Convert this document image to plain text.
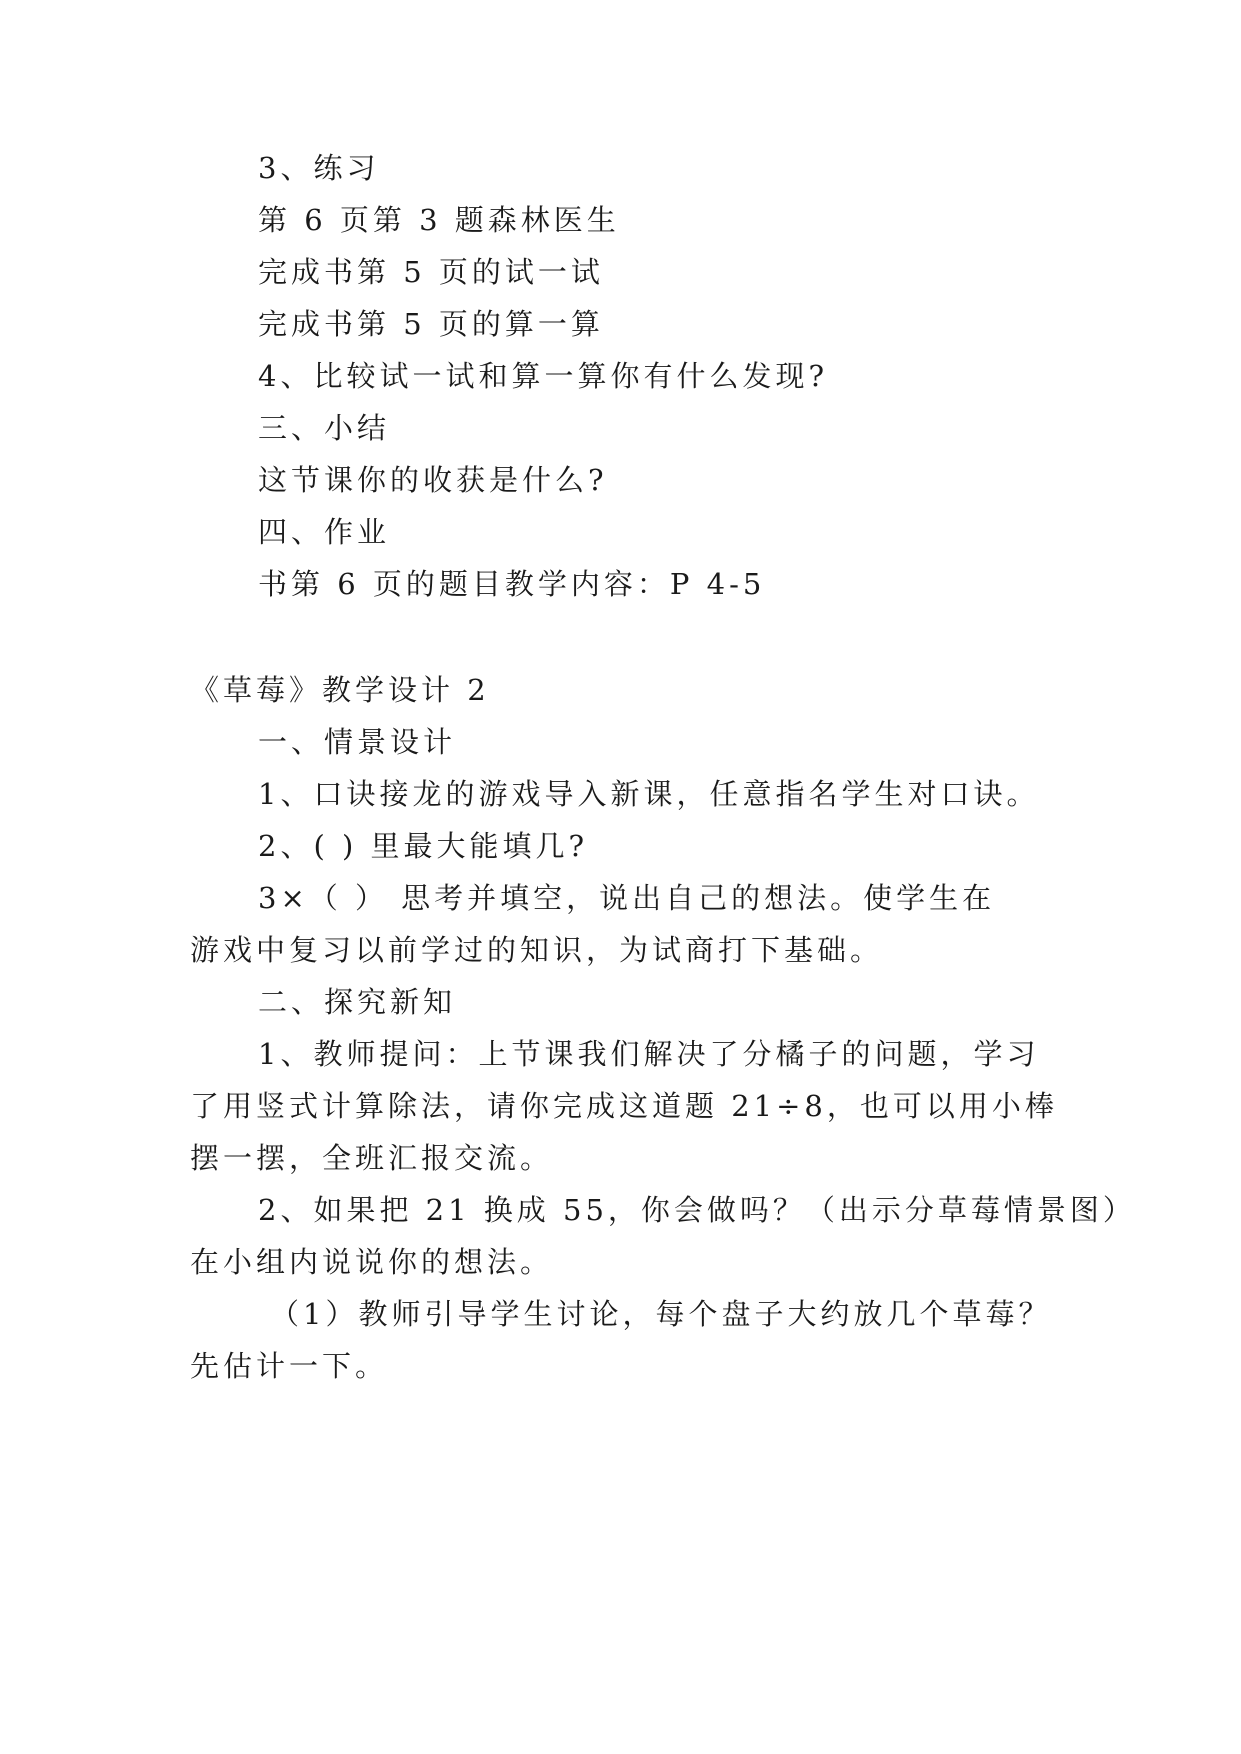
3、练习

第 6 页第 3 题森林医生

完成书第 5 页的试一试

完成书第 5 页的算一算

4、比较试一试和算一算你有什么发现?

三、小结

这节课你的收获是什么?

四、作业

书第 6 页的题目教学内容：P 4-5

《草莓》教学设计 2

一、情景设计

1、口诀接龙的游戏导入新课，任意指名学生对口诀。

2、( ) 里最大能填几?

3×（ ） 思考并填空，说出自己的想法。使学生在

游戏中复习以前学过的知识，为试商打下基础。

二、探究新知

1、教师提问：上节课我们解决了分橘子的问题，学习

了用竖式计算除法，请你完成这道题 21÷8，也可以用小棒

摆一摆，全班汇报交流。

2、如果把 21 换成 55，你会做吗？（出示分草莓情景图）

在小组内说说你的想法。

（1）教师引导学生讨论，每个盘子大约放几个草莓？

先估计一下。
